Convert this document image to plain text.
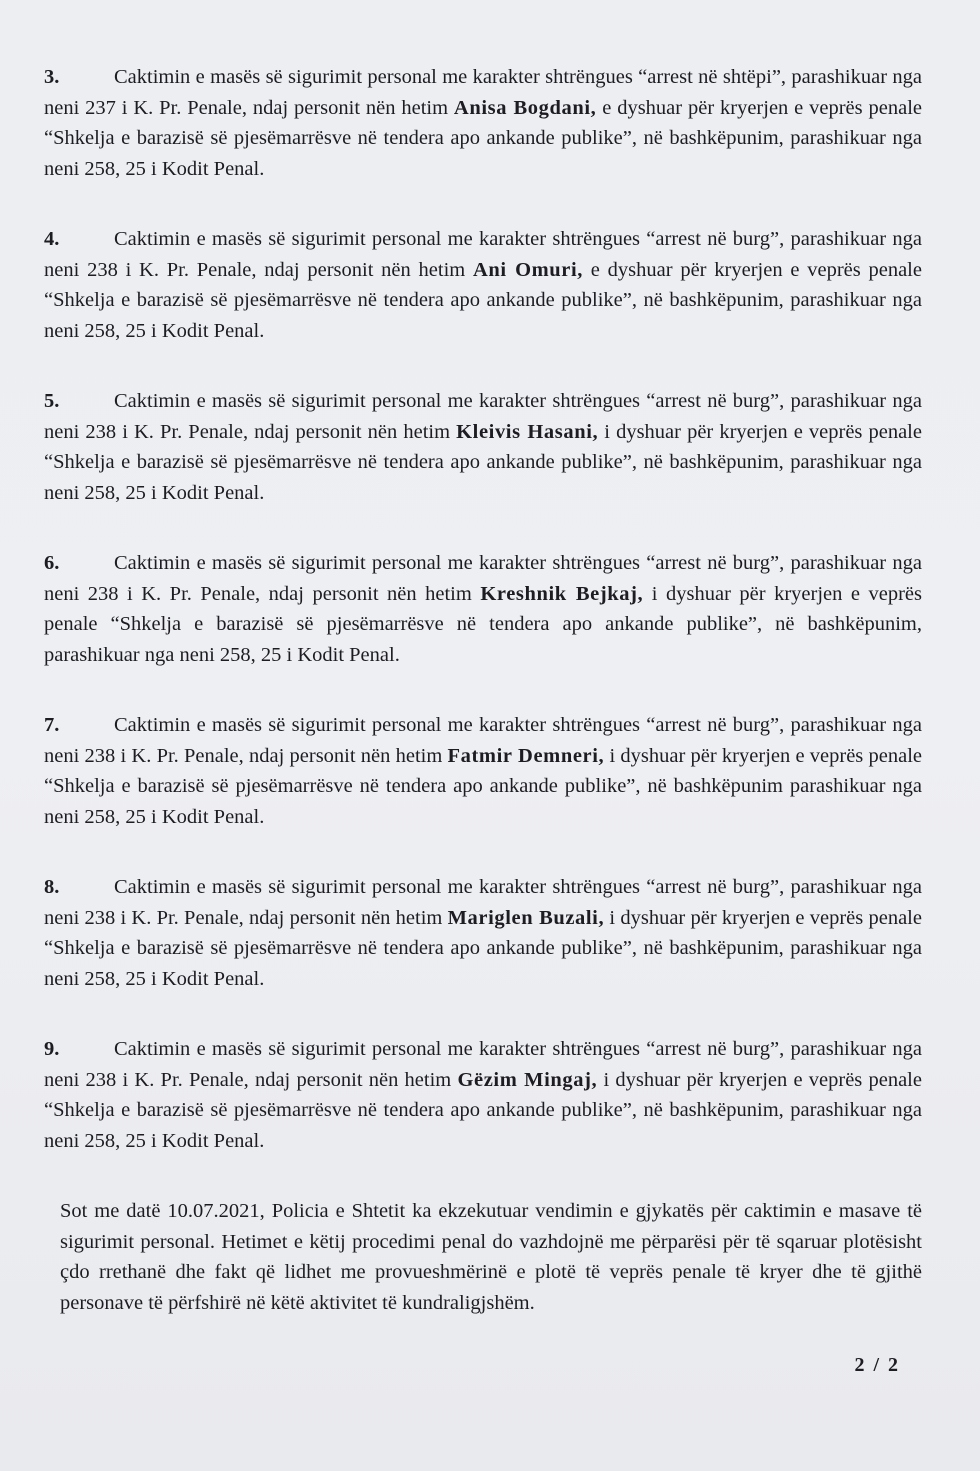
3.	Caktimin e masës së sigurimit personal me karakter shtrëngues “arrest në shtëpi”, parashikuar nga neni 237 i K. Pr. Penale, ndaj personit nën hetim Anisa Bogdani, e dyshuar për kryerjen e veprës penale “Shkelja e barazisë së pjesëmarrësve në tendera apo ankande publike”, në bashkëpunim, parashikuar nga neni 258, 25 i Kodit Penal.
4.	Caktimin e masës së sigurimit personal me karakter shtrëngues “arrest në burg”, parashikuar nga neni 238 i K. Pr. Penale, ndaj personit nën hetim Ani Omuri, e dyshuar për kryerjen e veprës penale “Shkelja e barazisë së pjesëmarrësve në tendera apo ankande publike”, në bashkëpunim, parashikuar nga neni 258, 25 i Kodit Penal.
5.	Caktimin e masës së sigurimit personal me karakter shtrëngues “arrest në burg”, parashikuar nga neni 238 i K. Pr. Penale, ndaj personit nën hetim Kleivis Hasani, i dyshuar për kryerjen e veprës penale “Shkelja e barazisë së pjesëmarrësve në tendera apo ankande publike”, në bashkëpunim, parashikuar nga neni 258, 25 i Kodit Penal.
6.	Caktimin e masës së sigurimit personal me karakter shtrëngues “arrest në burg”, parashikuar nga neni 238 i K. Pr. Penale, ndaj personit nën hetim Kreshnik Bejkaj, i dyshuar për kryerjen e veprës penale “Shkelja e barazisë së pjesëmarrësve në tendera apo ankande publike”, në bashkëpunim, parashikuar nga neni 258, 25 i Kodit Penal.
7.	Caktimin e masës së sigurimit personal me karakter shtrëngues “arrest në burg”, parashikuar nga neni 238 i K. Pr. Penale, ndaj personit nën hetim Fatmir Demneri, i dyshuar për kryerjen e veprës penale “Shkelja e barazisë së pjesëmarrësve në tendera apo ankande publike”, në bashkëpunim parashikuar nga neni 258, 25 i Kodit Penal.
8.	Caktimin e masës së sigurimit personal me karakter shtrëngues “arrest në burg”, parashikuar nga neni 238 i K. Pr. Penale, ndaj personit nën hetim Mariglen Buzali, i dyshuar për kryerjen e veprës penale “Shkelja e barazisë së pjesëmarrësve në tendera apo ankande publike”, në bashkëpunim, parashikuar nga neni 258, 25 i Kodit Penal.
9.	Caktimin e masës së sigurimit personal me karakter shtrëngues “arrest në burg”, parashikuar nga neni 238 i K. Pr. Penale, ndaj personit nën hetim Gëzim Mingaj, i dyshuar për kryerjen e veprës penale “Shkelja e barazisë së pjesëmarrësve në tendera apo ankande publike”, në bashkëpunim, parashikuar nga neni 258, 25 i Kodit Penal.

Sot me datë 10.07.2021, Policia e Shtetit ka ekzekutuar vendimin e gjykatës për caktimin e masave të sigurimit personal. Hetimet e këtij procedimi penal do vazhdojnë me përparësi për të sqaruar plotësisht çdo rrethanë dhe fakt që lidhet me provueshmërinë e plotë të veprës penale të kryer dhe të gjithë personave të përfshirë në këtë aktivitet të kundraligjshëm.

2 / 2
